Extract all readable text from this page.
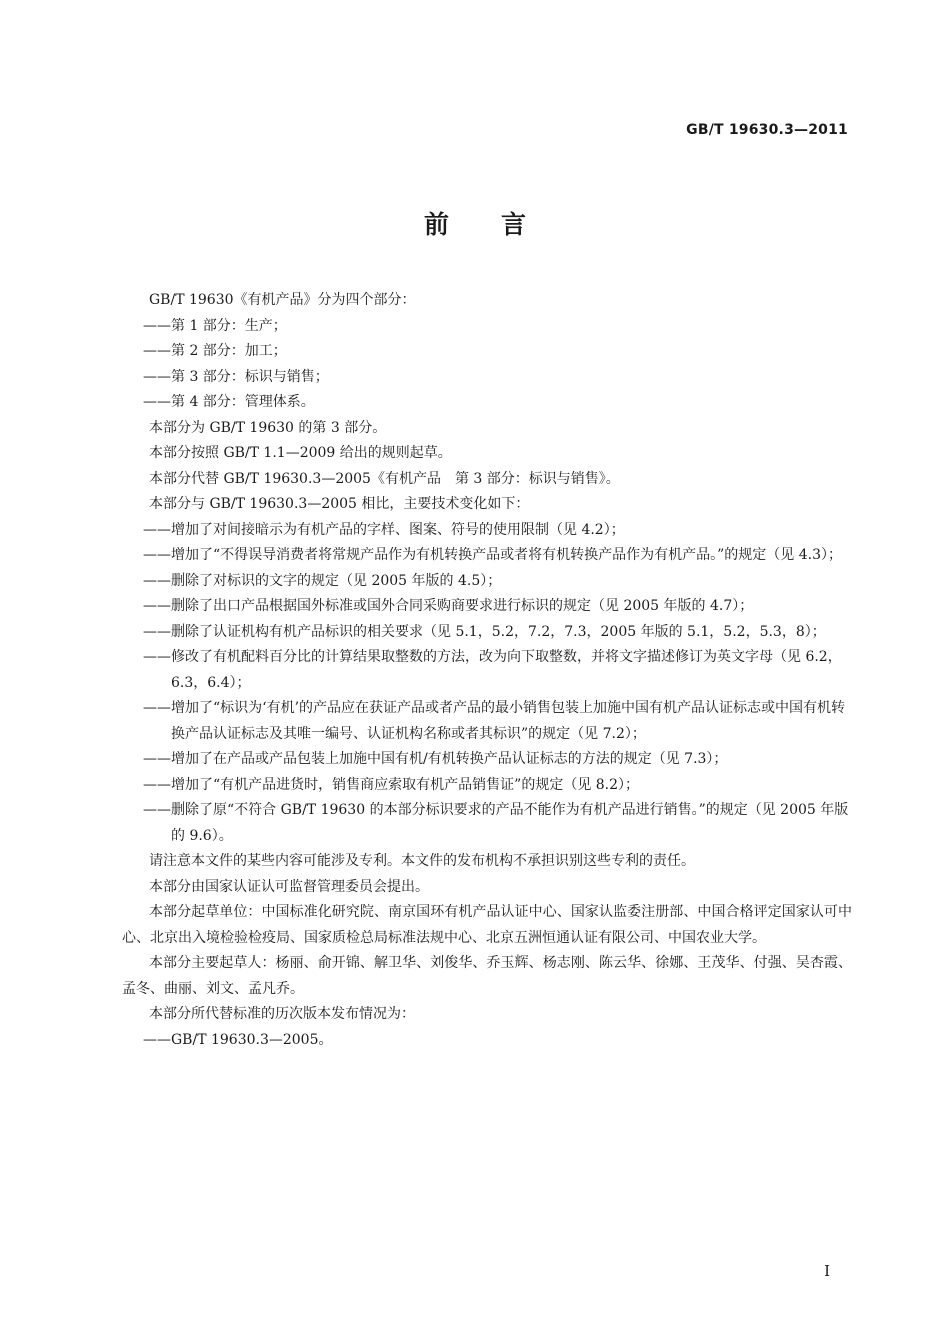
GB/T 19630.3—2011
前言

GB/T 19630《有机产品》分为四个部分：

——第 1 部分：生产；

——第 2 部分：加工；

——第 3 部分：标识与销售；

——第 4 部分：管理体系。

本部分为 GB/T 19630 的第 3 部分。

本部分按照 GB/T 1.1—2009 给出的规则起草。

本部分代替 GB/T 19630.3—2005《有机产品　第 3 部分：标识与销售》。

本部分与 GB/T 19630.3—2005 相比，主要技术变化如下：

——增加了对间接暗示为有机产品的字样、图案、符号的使用限制（见 4.2）；

——增加了“不得误导消费者将常规产品作为有机转换产品或者将有机转换产品作为有机产品。”的规定（见 4.3）；

——删除了对标识的文字的规定（见 2005 年版的 4.5）；

——删除了出口产品根据国外标准或国外合同采购商要求进行标识的规定（见 2005 年版的 4.7）；

——删除了认证机构有机产品标识的相关要求（见 5.1，5.2，7.2，7.3，2005 年版的 5.1，5.2，5.3，8）；

——修改了有机配料百分比的计算结果取整数的方法，改为向下取整数，并将文字描述修订为英文字母（见 6.2，6.3，6.4）；

——增加了“标识为‘有机’的产品应在获证产品或者产品的最小销售包装上加施中国有机产品认证标志或中国有机转换产品认证标志及其唯一编号、认证机构名称或者其标识”的规定（见 7.2）；

——增加了在产品或产品包装上加施中国有机/有机转换产品认证标志的方法的规定（见 7.3）；

——增加了“有机产品进货时，销售商应索取有机产品销售证”的规定（见 8.2）；

——删除了原“不符合 GB/T 19630 的本部分标识要求的产品不能作为有机产品进行销售。”的规定（见 2005 年版的 9.6）。

请注意本文件的某些内容可能涉及专利。本文件的发布机构不承担识别这些专利的责任。

本部分由国家认证认可监督管理委员会提出。

本部分起草单位：中国标准化研究院、南京国环有机产品认证中心、国家认监委注册部、中国合格评定国家认可中心、北京出入境检验检疫局、国家质检总局标准法规中心、北京五洲恒通认证有限公司、中国农业大学。

本部分主要起草人：杨丽、俞开锦、解卫华、刘俊华、乔玉辉、杨志刚、陈云华、徐娜、王茂华、付强、吴杏霞、孟冬、曲丽、刘文、孟凡乔。

本部分所代替标准的历次版本发布情况为：

——GB/T 19630.3—2005。

I
